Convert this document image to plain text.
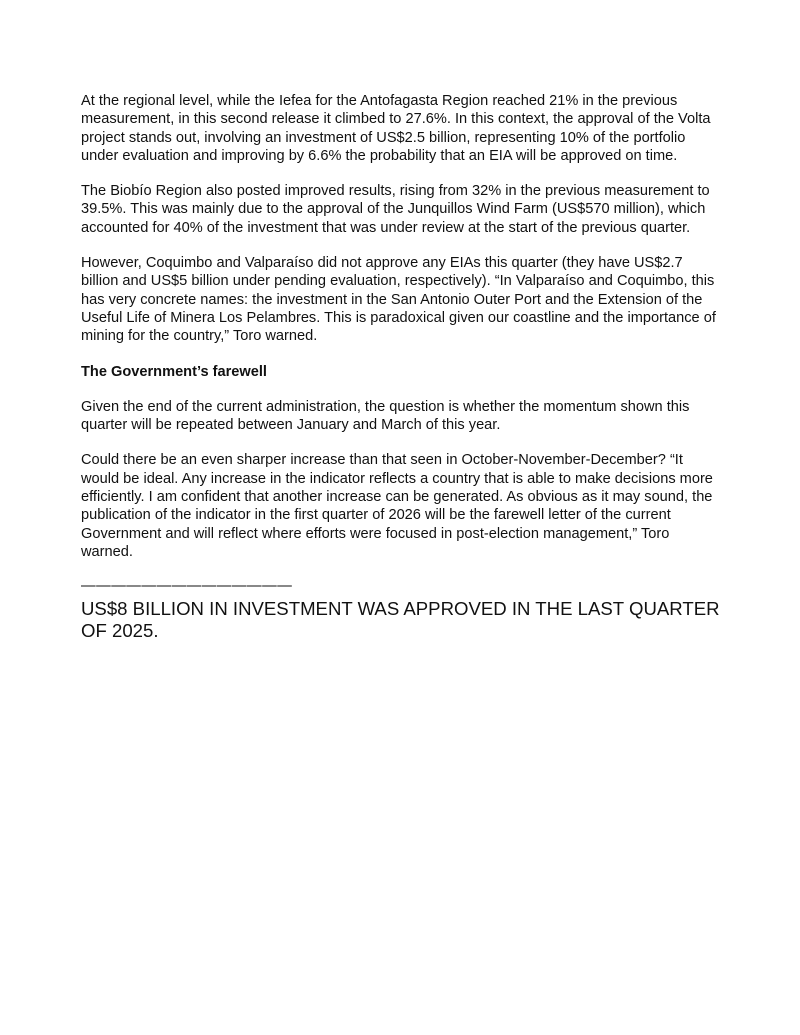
At the regional level, while the Iefea for the Antofagasta Region reached 21% in the previous measurement, in this second release it climbed to 27.6%. In this context, the approval of the Volta project stands out, involving an investment of US$2.5 billion, representing 10% of the portfolio under evaluation and improving by 6.6% the probability that an EIA will be approved on time.

The Biobío Region also posted improved results, rising from 32% in the previous measurement to 39.5%. This was mainly due to the approval of the Junquillos Wind Farm (US$570 million), which accounted for 40% of the investment that was under review at the start of the previous quarter.

However, Coquimbo and Valparaíso did not approve any EIAs this quarter (they have US$2.7 billion and US$5 billion under pending evaluation, respectively). “In Valparaíso and Coquimbo, this has very concrete names: the investment in the San Antonio Outer Port and the Extension of the Useful Life of Minera Los Pelambres. This is paradoxical given our coastline and the importance of mining for the country,” Toro warned.

The Government’s farewell

Given the end of the current administration, the question is whether the momentum shown this quarter will be repeated between January and March of this year.

Could there be an even sharper increase than that seen in October-November-December? “It would be ideal. Any increase in the indicator reflects a country that is able to make decisions more efficiently. I am confident that another increase can be generated. As obvious as it may sound, the publication of the indicator in the first quarter of 2026 will be the farewell letter of the current Government and will reflect where efforts were focused in post-election management,” Toro warned.

——————————————

US$8 BILLION IN INVESTMENT WAS APPROVED IN THE LAST QUARTER OF 2025.
